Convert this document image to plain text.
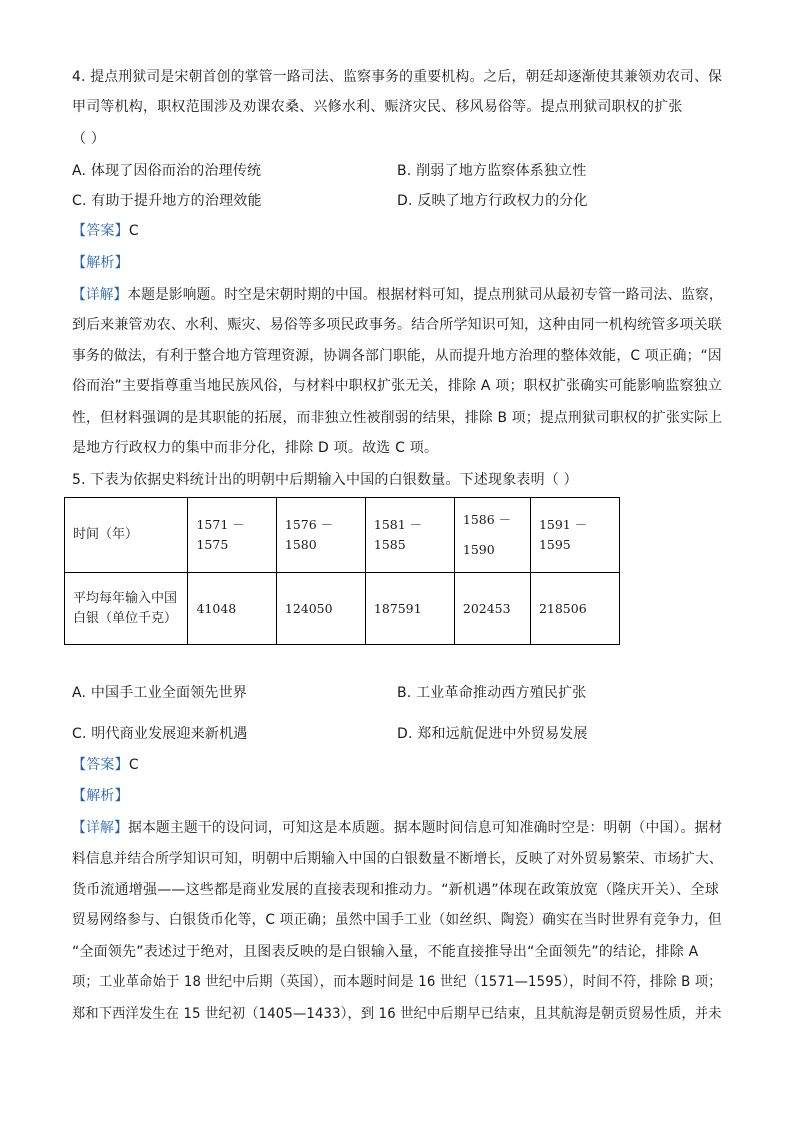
4. 提点刑狱司是宋朝首创的掌管一路司法、监察事务的重要机构。之后，朝廷却逐渐使其兼领劝农司、保
甲司等机构，职权范围涉及劝课农桑、兴修水利、赈济灾民、移风易俗等。提点刑狱司职权的扩张
（ ）
A. 体现了因俗而治的治理传统	B. 削弱了地方监察体系独立性
C. 有助于提升地方的治理效能	D. 反映了地方行政权力的分化
【答案】C
【解析】
【详解】本题是影响题。时空是宋朝时期的中国。根据材料可知，提点刑狱司从最初专管一路司法、监察，
到后来兼管劝农、水利、赈灾、易俗等多项民政事务。结合所学知识可知，这种由同一机构统管多项关联
事务的做法，有利于整合地方管理资源，协调各部门职能，从而提升地方治理的整体效能，C 项正确；“因
俗而治”主要指尊重当地民族风俗，与材料中职权扩张无关，排除 A 项；职权扩张确实可能影响监察独立
性，但材料强调的是其职能的拓展，而非独立性被削弱的结果，排除 B 项；提点刑狱司职权的扩张实际上
是地方行政权力的集中而非分化，排除 D 项。故选 C 项。
5. 下表为依据史料统计出的明朝中后期输入中国的白银数量。下述现象表明（ ）
时间（年）	1571 － 1575	1576 － 1580	1581 － 1585	1586 －
1590	1591 － 1595
平均每年输入中国白银（单位千克）	41048	124050	187591	202453	218506
A. 中国手工业全面领先世界	B. 工业革命推动西方殖民扩张
C. 明代商业发展迎来新机遇	D. 郑和远航促进中外贸易发展
【答案】C
【解析】
【详解】据本题主题干的设问词，可知这是本质题。据本题时间信息可知准确时空是：明朝（中国）。据材
料信息并结合所学知识可知，明朝中后期输入中国的白银数量不断增长，反映了对外贸易繁荣、市场扩大、
货币流通增强——这些都是商业发展的直接表现和推动力。“新机遇”体现在政策放宽（隆庆开关）、全球
贸易网络参与、白银货币化等，C 项正确；虽然中国手工业（如丝织、陶瓷）确实在当时世界有竞争力，但
“全面领先”表述过于绝对，且图表反映的是白银输入量，不能直接推导出“全面领先”的结论，排除 A
项；工业革命始于 18 世纪中后期（英国），而本题时间是 16 世纪（1571—1595），时间不符，排除 B 项；
郑和下西洋发生在 15 世纪初（1405—1433），到 16 世纪中后期早已结束，且其航海是朝贡贸易性质，并未
